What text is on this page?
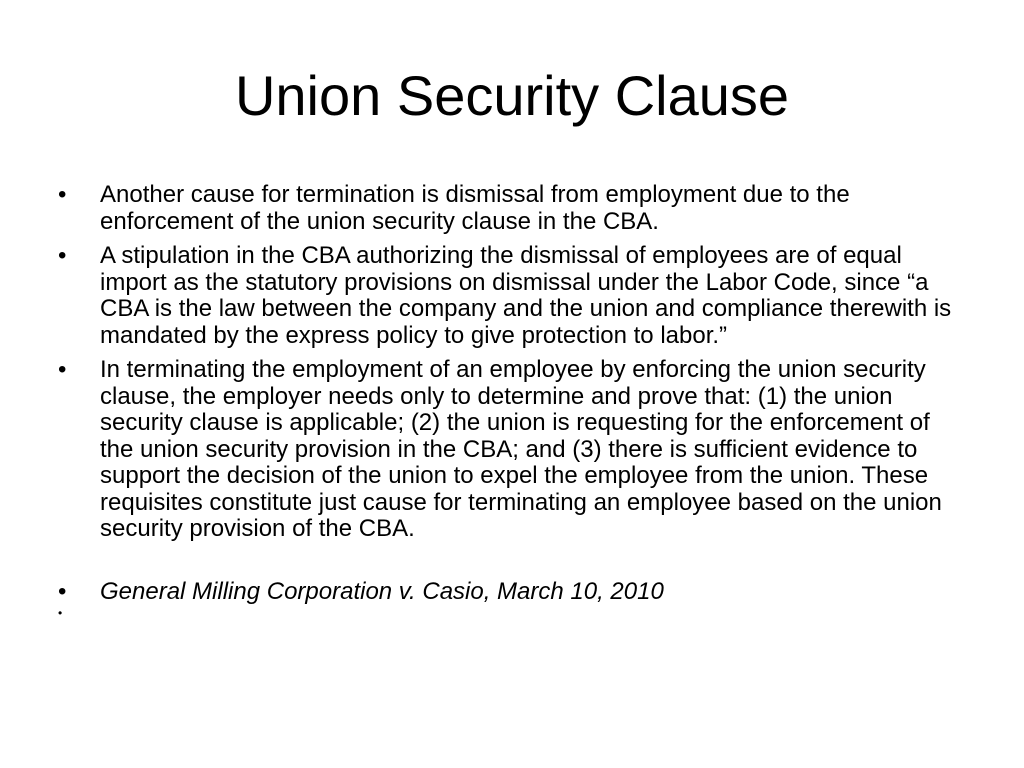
Union Security Clause
•	Another cause for termination is dismissal from employment due to the enforcement of the union security clause in the CBA.
•	A stipulation in the CBA authorizing the dismissal of employees are of equal import as the statutory provisions on dismissal under the Labor Code, since “a CBA is the law between the company and the union and compliance therewith is mandated by the express policy to give protection to labor.”
•	In terminating the employment of an employee by enforcing the union security clause, the employer needs only to determine and prove that: (1) the union security clause is applicable; (2) the union is requesting for the enforcement of the union security provision in the CBA; and (3) there is sufficient evidence to support the decision of the union to expel the employee from the union. These requisites constitute just cause for terminating an employee based on the union security provision of the CBA.
•	General Milling Corporation v. Casio, March 10, 2010
•
